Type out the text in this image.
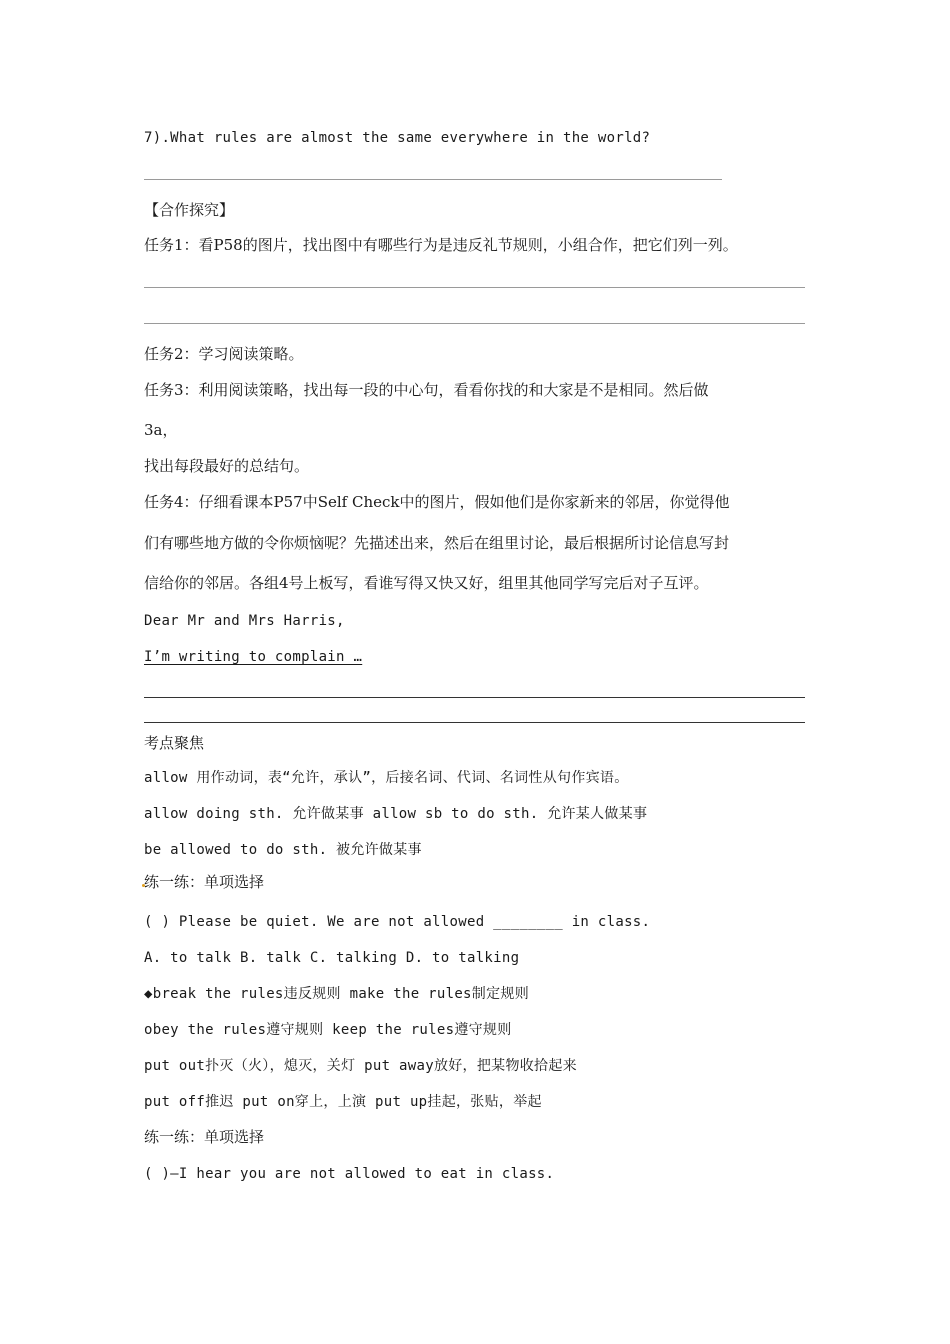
7).What rules are almost the same everywhere in the world?
【合作探究】
任务1：看P58的图片，找出图中有哪些行为是违反礼节规则，小组合作，把它们列一列。
任务2：学习阅读策略。
任务3：利用阅读策略，找出每一段的中心句，看看你找的和大家是不是相同。然后做
3a，
找出每段最好的总结句。
任务4：仔细看课本P57中Self Check中的图片，假如他们是你家新来的邻居，你觉得他
们有哪些地方做的令你烦恼呢？先描述出来，然后在组里讨论，最后根据所讨论信息写封
信给你的邻居。各组4号上板写，看谁写得又快又好，组里其他同学写完后对子互评。
Dear Mr and Mrs Harris,
I’m writing to complain …
考点聚焦
allow 用作动词，表“允许，承认”，后接名词、代词、名词性从句作宾语。
allow doing sth. 允许做某事 allow sb to do sth. 允许某人做某事
be allowed to do sth. 被允许做某事
练一练：单项选择
( ) Please be quiet. We are not allowed ________ in class.
A. to talk B. talk C. talking D. to talking
◆break the rules违反规则 make the rules制定规则
obey the rules遵守规则 keep the rules遵守规则
put out扑灭（火），熄灭，关灯 put away放好，把某物收拾起来
put off推迟 put on穿上，上演 put up挂起，张贴，举起
练一练：单项选择
( )—I hear you are not allowed to eat in class.
